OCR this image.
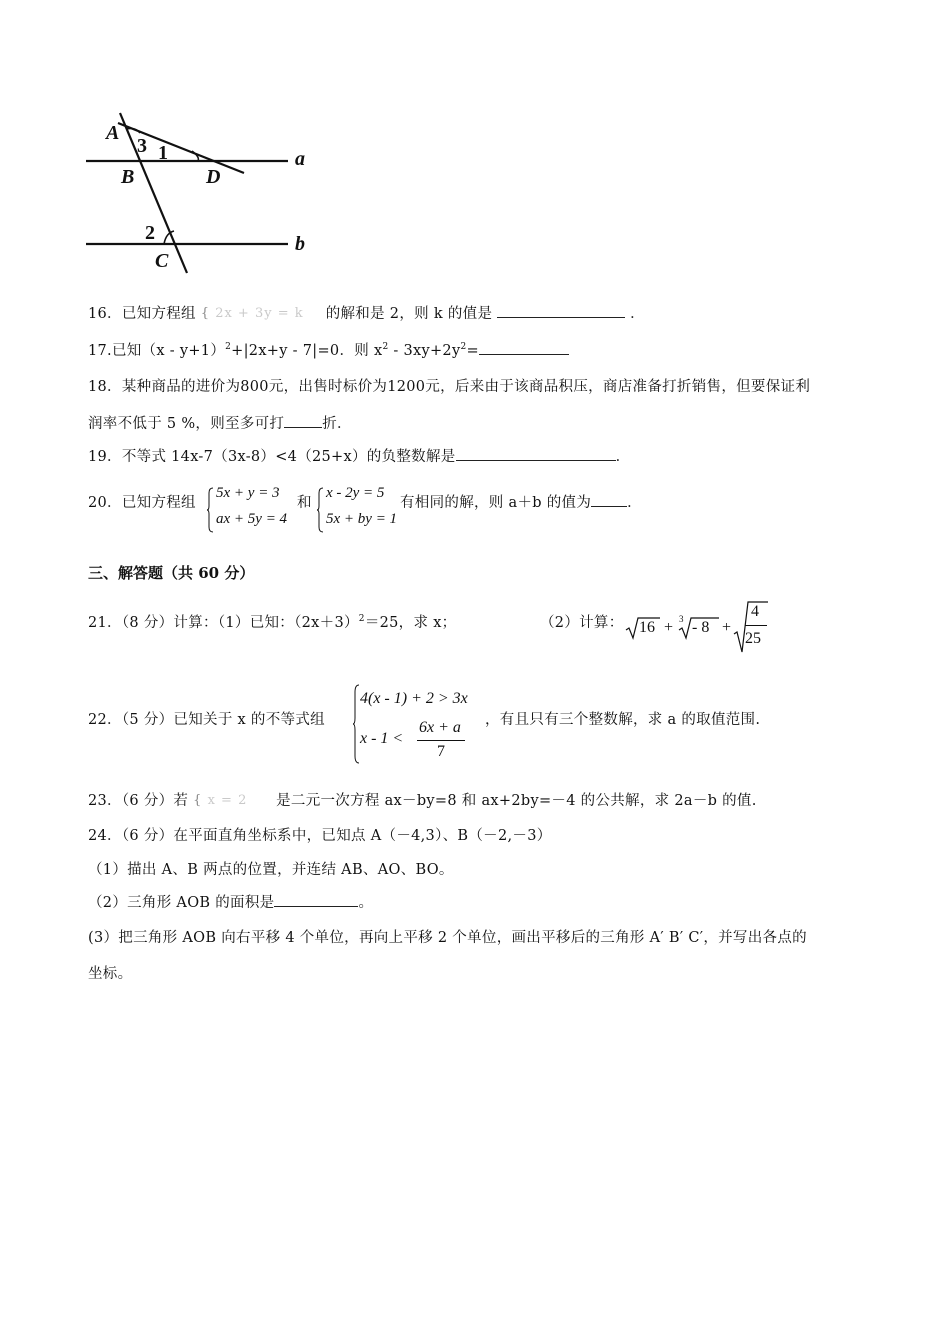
A
3 1
B	D
a
2
C
b
16．已知方程组 { 2x + 3y = k 的解和是 2，则 k 的值是	．
17.已知$(x - y+1)^2+|2x+y - 7|=0$．则 $x^2 - 3xy+2y^2=$
18．某种商品的进价为800元，出售时标价为1200元，后来由于该商品积压，商店准备打折销售，但要保证利
润率不低于 5 %，则至多可打	折．
19．不等式 14x-7（3x-8）<4（25+x）的负整数解是	．
20．已知方程组
5x + y = 3
ax + 5y = 4
和
x - 2y = 5
5x + by = 1
有相同的解，则 a＋b 的值为 ．
三、解答题（共 60 分）
21．（8 分）计算：（1）已知：$(2x+3)^2=25$，求 x；	（2）计算： 16 + 3 - 8 +
4
25
22．（5 分）已知关于 x 的不等式组
4(x - 1) + 2 > 3x
x - 1 <
6x + a
7
，有且只有三个整数解，求 a 的取值范围.
23．（6 分）若 { x = 2 是二元一次方程 ax－by=8 和 ax+2by=－4 的公共解，求 2a－b 的值.
24．（6 分）在平面直角坐标系中，已知点 A（－4,3）、B（－2,－3）
（1）描出 A、B 两点的位置，并连结 AB、AO、BO。
（2）三角形 AOB 的面积是	。
(3）把三角形 AOB 向右平移 4 个单位，再向上平移 2 个单位，画出平移后的三角形 A′ B′ C′，并写出各点的
坐标。
